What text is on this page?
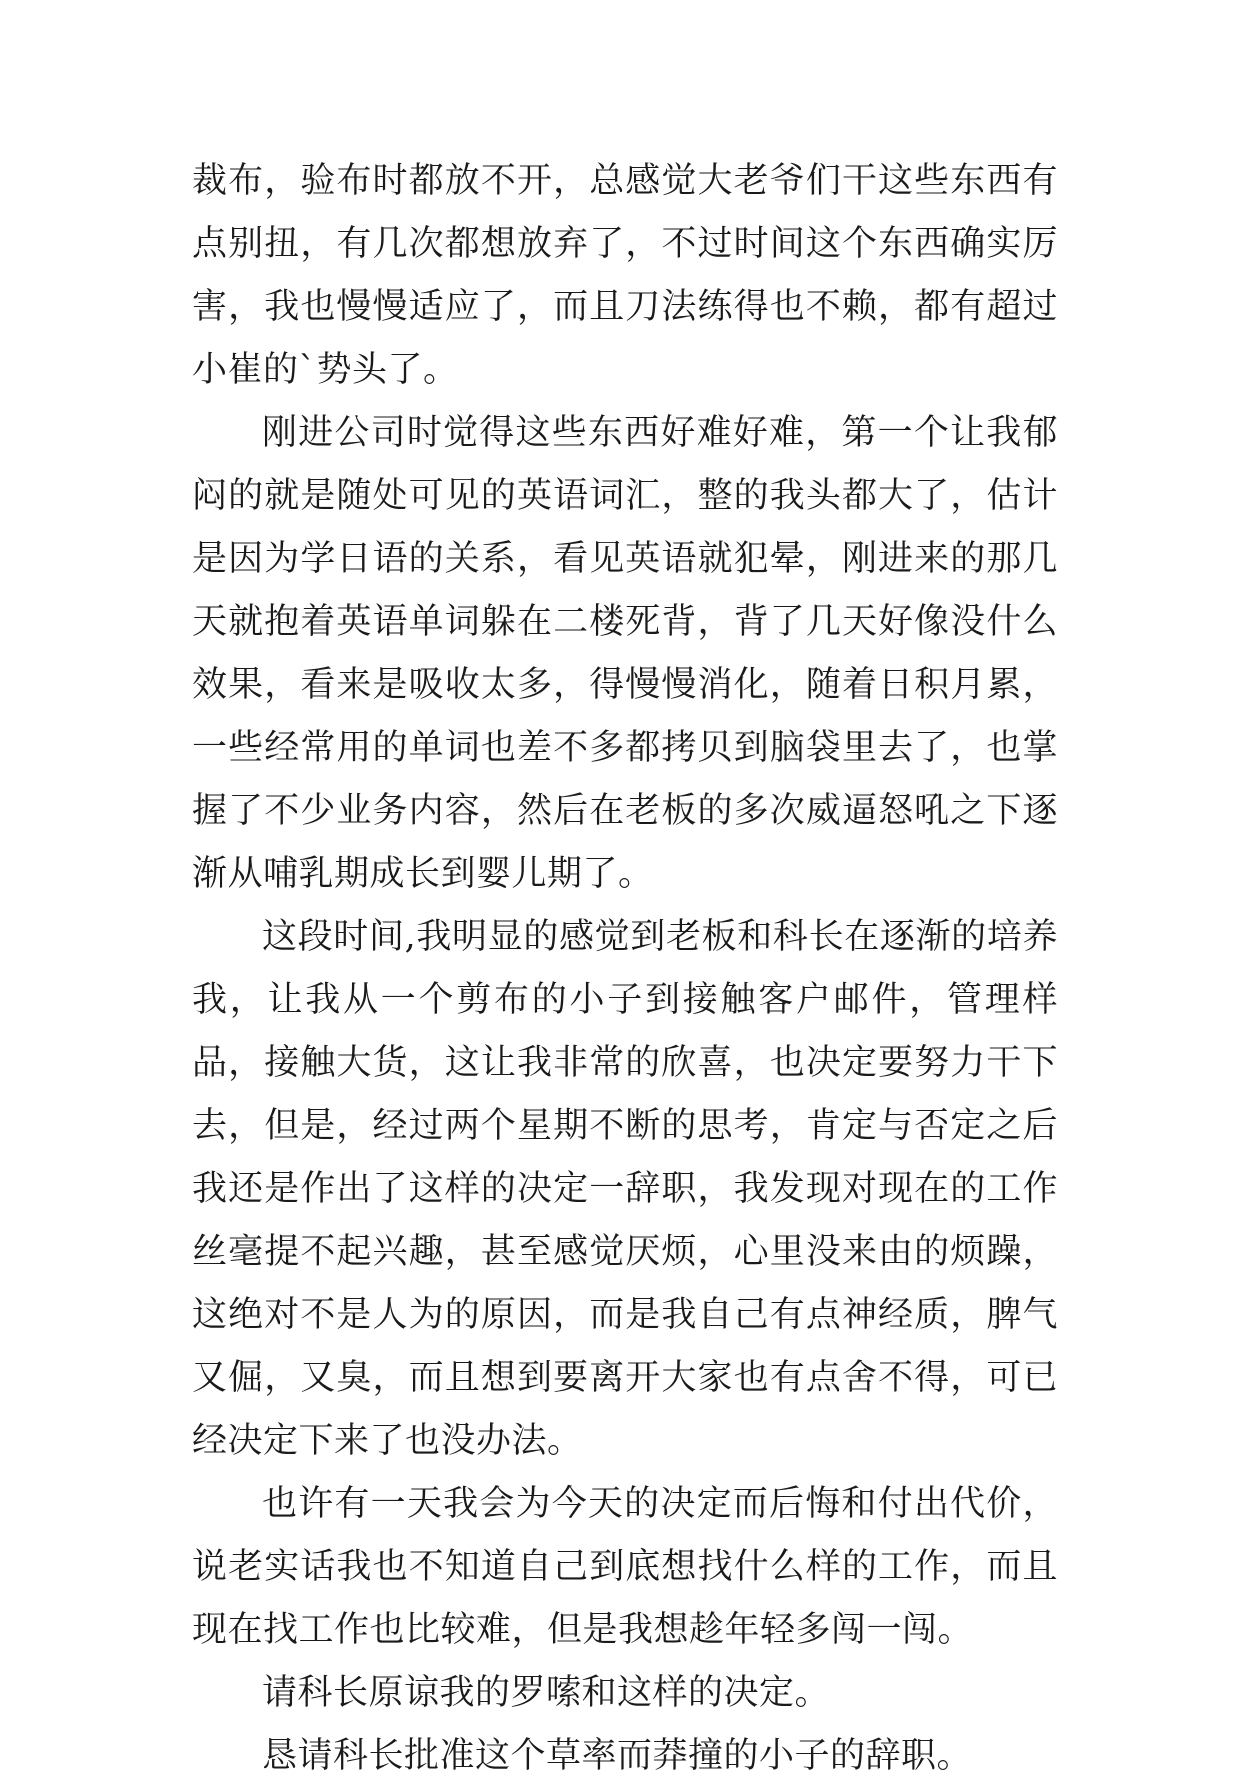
裁布，验布时都放不开，总感觉大老爷们干这些东西有点别扭，有几次都想放弃了，不过时间这个东西确实厉害，我也慢慢适应了，而且刀法练得也不赖，都有超过小崔的`势头了。

刚进公司时觉得这些东西好难好难，第一个让我郁闷的就是随处可见的英语词汇，整的我头都大了，估计是因为学日语的关系，看见英语就犯晕，刚进来的那几天就抱着英语单词躲在二楼死背，背了几天好像没什么效果，看来是吸收太多，得慢慢消化，随着日积月累，一些经常用的单词也差不多都拷贝到脑袋里去了，也掌握了不少业务内容，然后在老板的多次威逼怒吼之下逐渐从哺乳期成长到婴儿期了。

这段时间,我明显的感觉到老板和科长在逐渐的培养我，让我从一个剪布的小子到接触客户邮件，管理样品，接触大货，这让我非常的欣喜，也决定要努力干下去，但是，经过两个星期不断的思考，肯定与否定之后我还是作出了这样的决定一辞职，我发现对现在的工作丝毫提不起兴趣，甚至感觉厌烦，心里没来由的烦躁，这绝对不是人为的原因，而是我自己有点神经质，脾气又倔，又臭，而且想到要离开大家也有点舍不得，可已经决定下来了也没办法。

也许有一天我会为今天的决定而后悔和付出代价，说老实话我也不知道自己到底想找什么样的工作，而且现在找工作也比较难，但是我想趁年轻多闯一闯。

请科长原谅我的罗嗦和这样的决定。

恳请科长批准这个草率而莽撞的小子的辞职。
